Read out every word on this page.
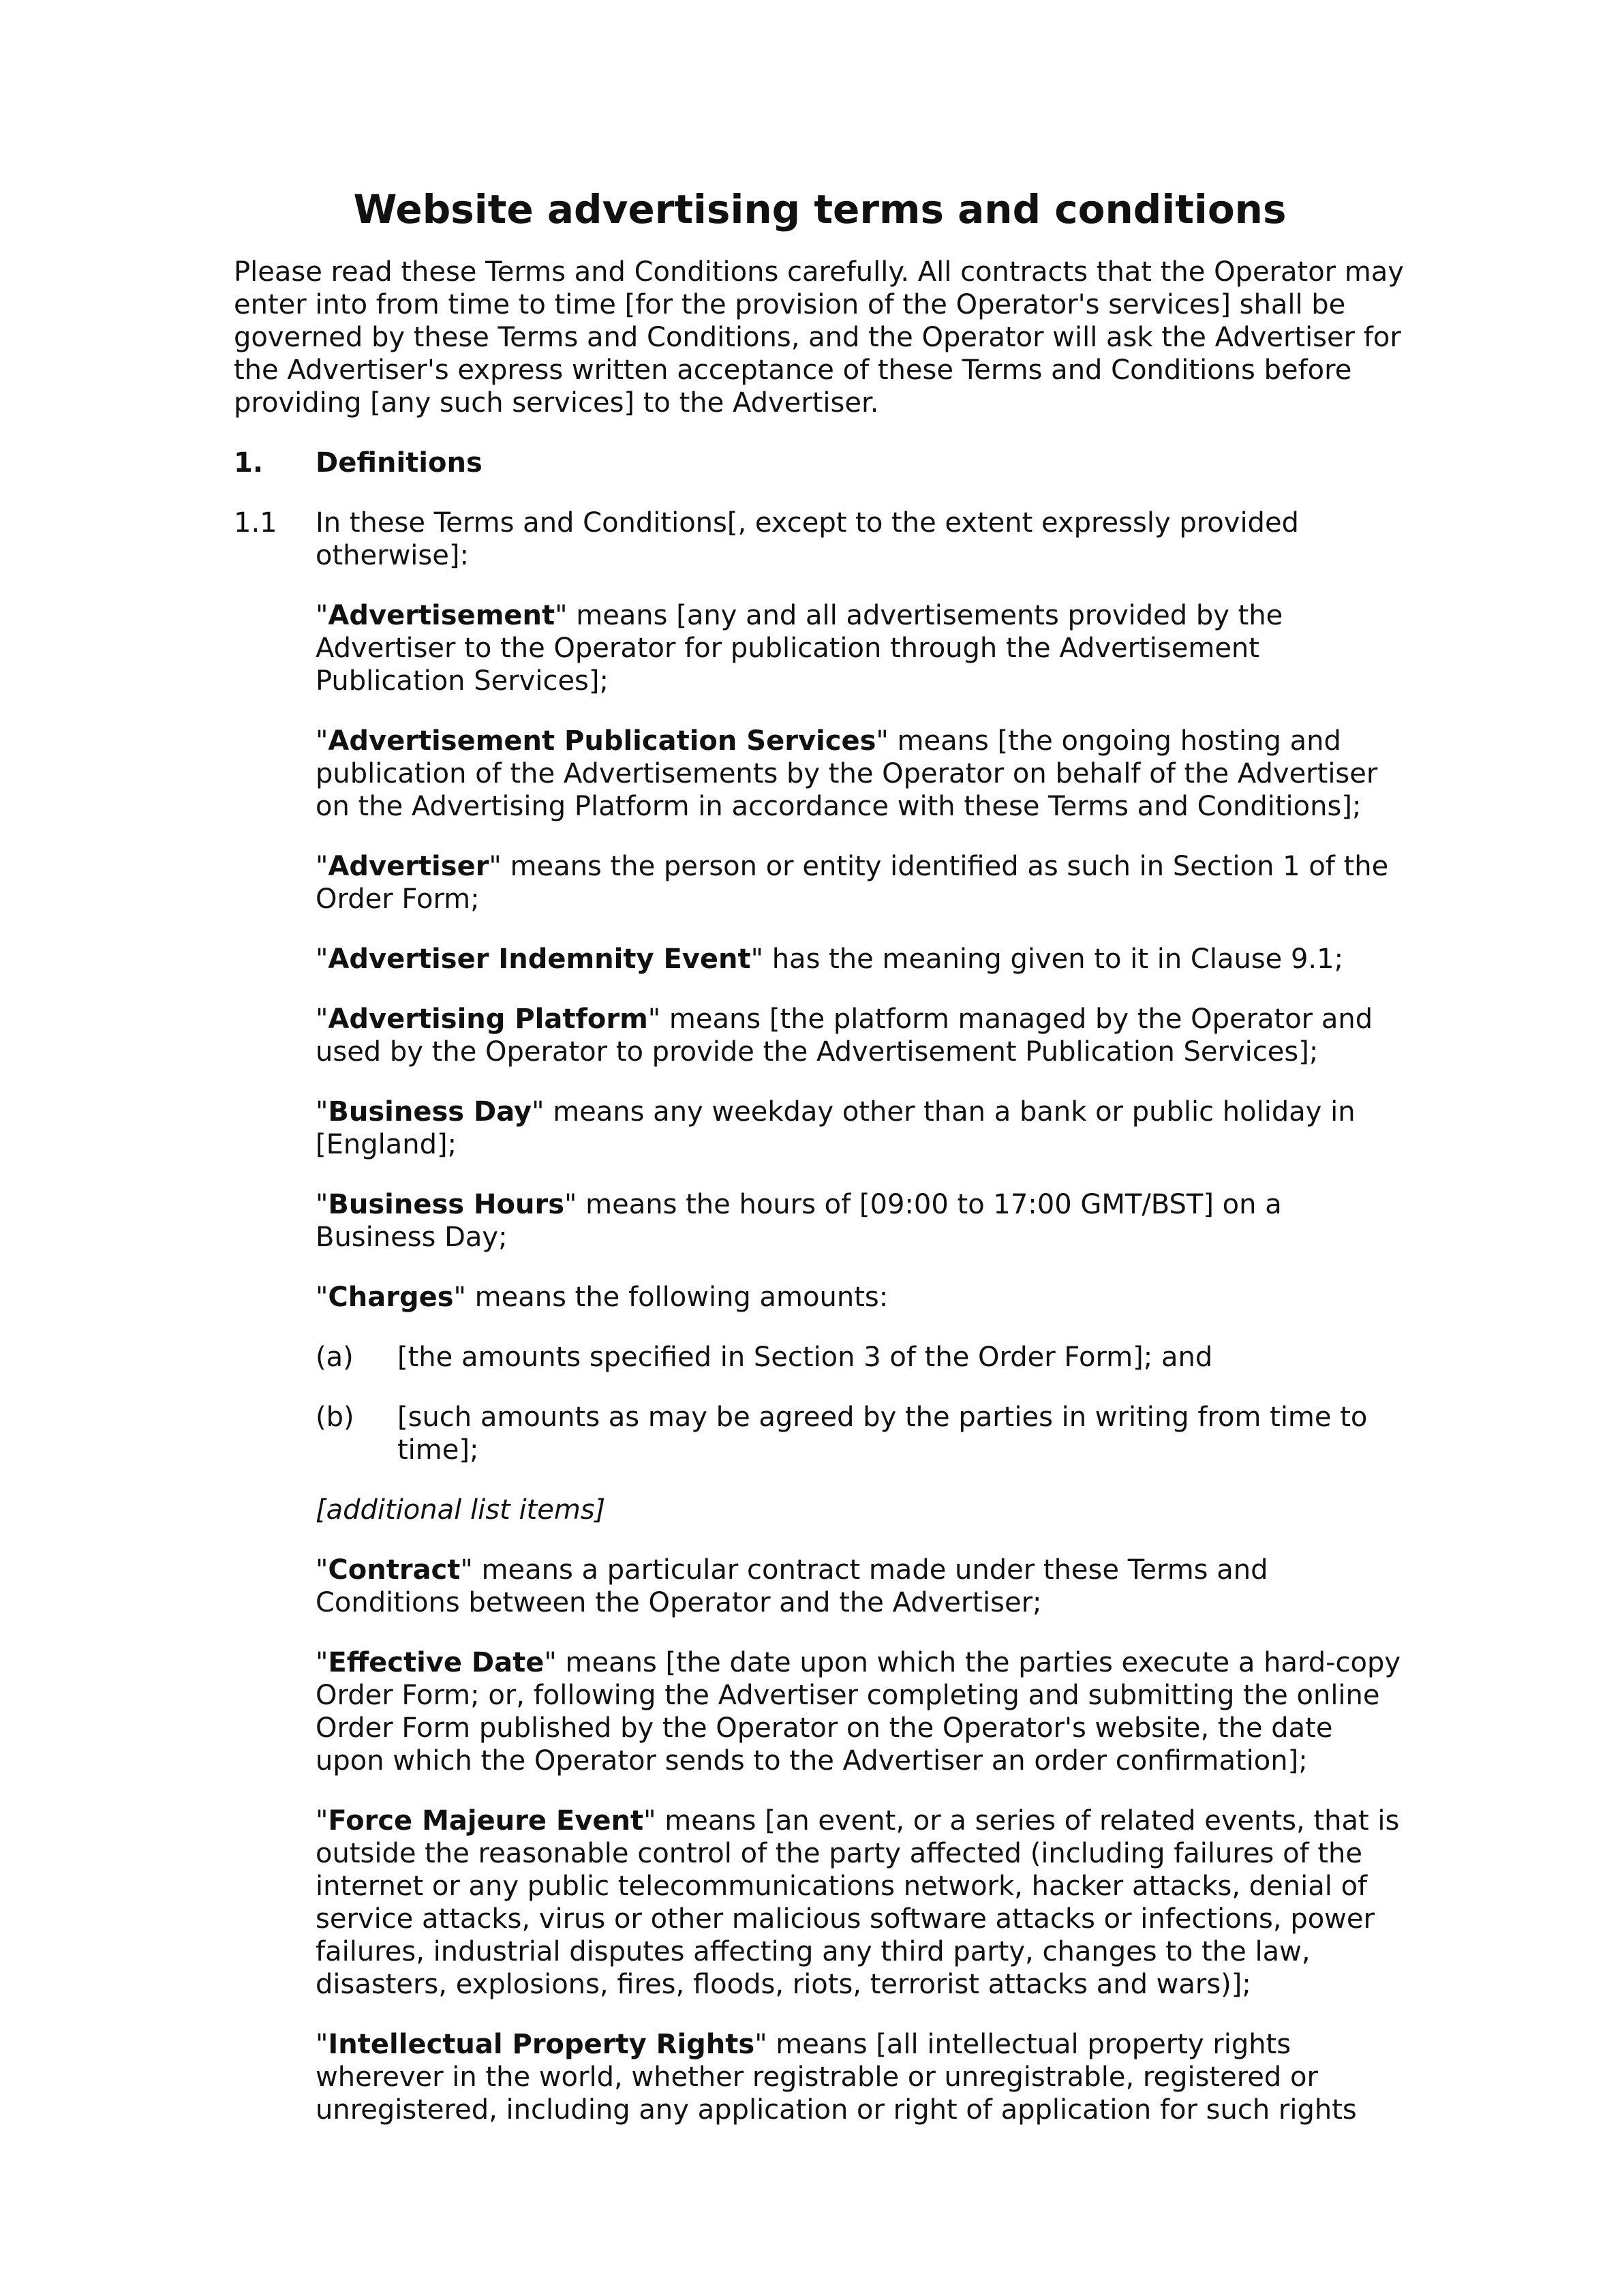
Website advertising terms and conditions

Please read these Terms and Conditions carefully. All contracts that the Operator may enter into from time to time [for the provision of the Operator's services] shall be governed by these Terms and Conditions, and the Operator will ask the Advertiser for the Advertiser's express written acceptance of these Terms and Conditions before providing [any such services] to the Advertiser.

1.	Definitions
1.1	In these Terms and Conditions[, except to the extent expressly provided otherwise]:

"Advertisement" means [any and all advertisements provided by the Advertiser to the Operator for publication through the Advertisement Publication Services];

"Advertisement Publication Services" means [the ongoing hosting and publication of the Advertisements by the Operator on behalf of the Advertiser on the Advertising Platform in accordance with these Terms and Conditions];

"Advertiser" means the person or entity identified as such in Section 1 of the Order Form;

"Advertiser Indemnity Event" has the meaning given to it in Clause 9.1;

"Advertising Platform" means [the platform managed by the Operator and used by the Operator to provide the Advertisement Publication Services];

"Business Day" means any weekday other than a bank or public holiday in [England];

"Business Hours" means the hours of [09:00 to 17:00 GMT/BST] on a Business Day;

"Charges" means the following amounts:

(a)	[the amounts specified in Section 3 of the Order Form]; and
(b)	[such amounts as may be agreed by the parties in writing from time to time];

[additional list items]

"Contract" means a particular contract made under these Terms and Conditions between the Operator and the Advertiser;

"Effective Date" means [the date upon which the parties execute a hard-copy Order Form; or, following the Advertiser completing and submitting the online Order Form published by the Operator on the Operator's website, the date upon which the Operator sends to the Advertiser an order confirmation];

"Force Majeure Event" means [an event, or a series of related events, that is outside the reasonable control of the party affected (including failures of the internet or any public telecommunications network, hacker attacks, denial of service attacks, virus or other malicious software attacks or infections, power failures, industrial disputes affecting any third party, changes to the law, disasters, explosions, fires, floods, riots, terrorist attacks and wars)];

"Intellectual Property Rights" means [all intellectual property rights wherever in the world, whether registrable or unregistrable, registered or unregistered, including any application or right of application for such rights
